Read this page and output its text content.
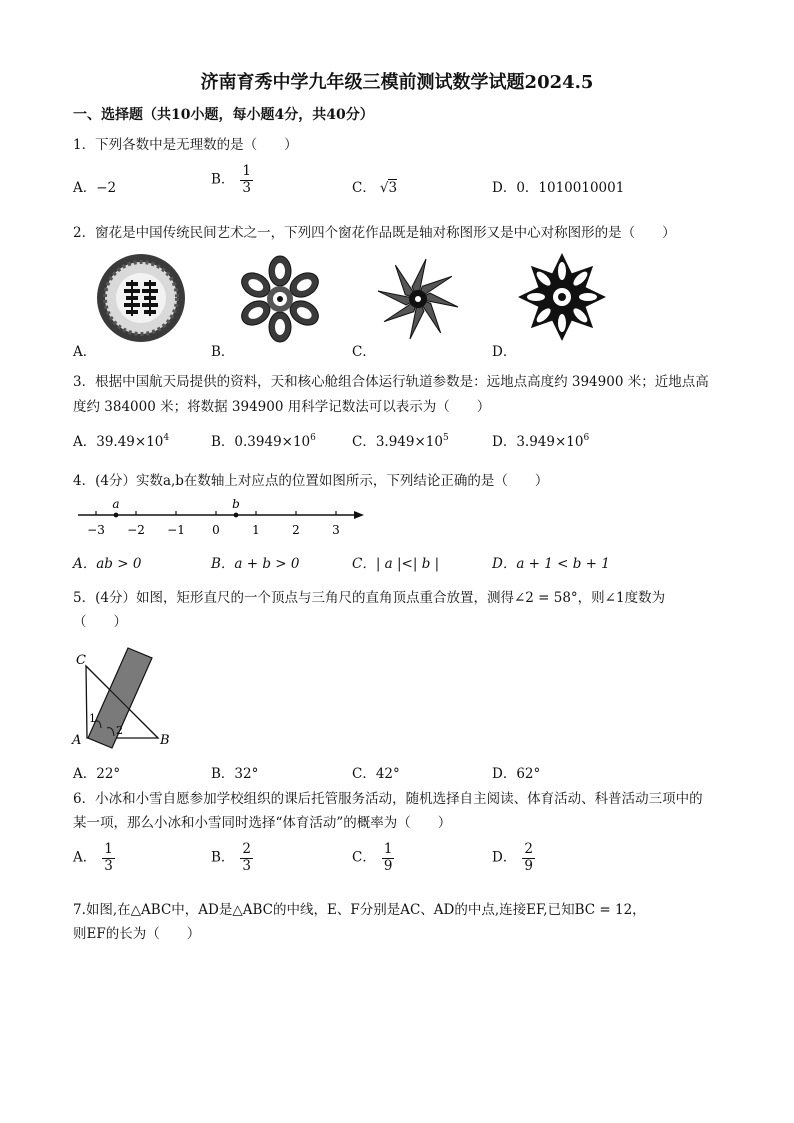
济南育秀中学九年级三模前测试数学试题2024.5
一、选择题（共10小题，每小题4分，共40分）
1．下列各数中是无理数的是（　　）
A．−2
B． $\frac{1}{3}$	C． √3	D．0．1010010001
2．窗花是中国传统民间艺术之一，下列四个窗花作品既是轴对称图形又是中心对称图形的是（　　）
A．	B．	C．	D．
3．根据中国航天局提供的资料，天和核心舱组合体运行轨道参数是：远地点高度约 394900 米；近地点高
度约 384000 米；将数据 394900 用科学记数法可以表示为（　　）
A．$39.49\times 10^4$	B．$0.3949\times 10^6$	C．$3.949\times 10^5$	D．$3.949\times 10^6$
4．(4分）实数a,b在数轴上对应点的位置如图所示，下列结论正确的是（　　）
a	b
−3 −2 −1 0	1	2	3
A．ab > 0	B．a + b > 0	C．| a |<| b |	D．a + 1 < b + 1
5．(4分）如图，矩形直尺的一个顶点与三角尺的直角顶点重合放置，测得∠2 = 58°，则∠1度数为
（　　）
C
A	B
1
2
A．22°	B．32°	C．42°	D．62°
6．小冰和小雪自愿参加学校组织的课后托管服务活动，随机选择自主阅读、体育活动、科普活动三项中的
某一项，那么小冰和小雪同时选择“体育活动”的概率为（　　）
A． $\frac{1}{3}$	B． $\frac{2}{3}$	C． $\frac{1}{9}$	D． $\frac{2}{9}$
7.如图,在△ABC中，AD是△ABC的中线，E、F分别是AC、AD的中点,连接EF,已知BC = 12，
则EF的长为（　　）
